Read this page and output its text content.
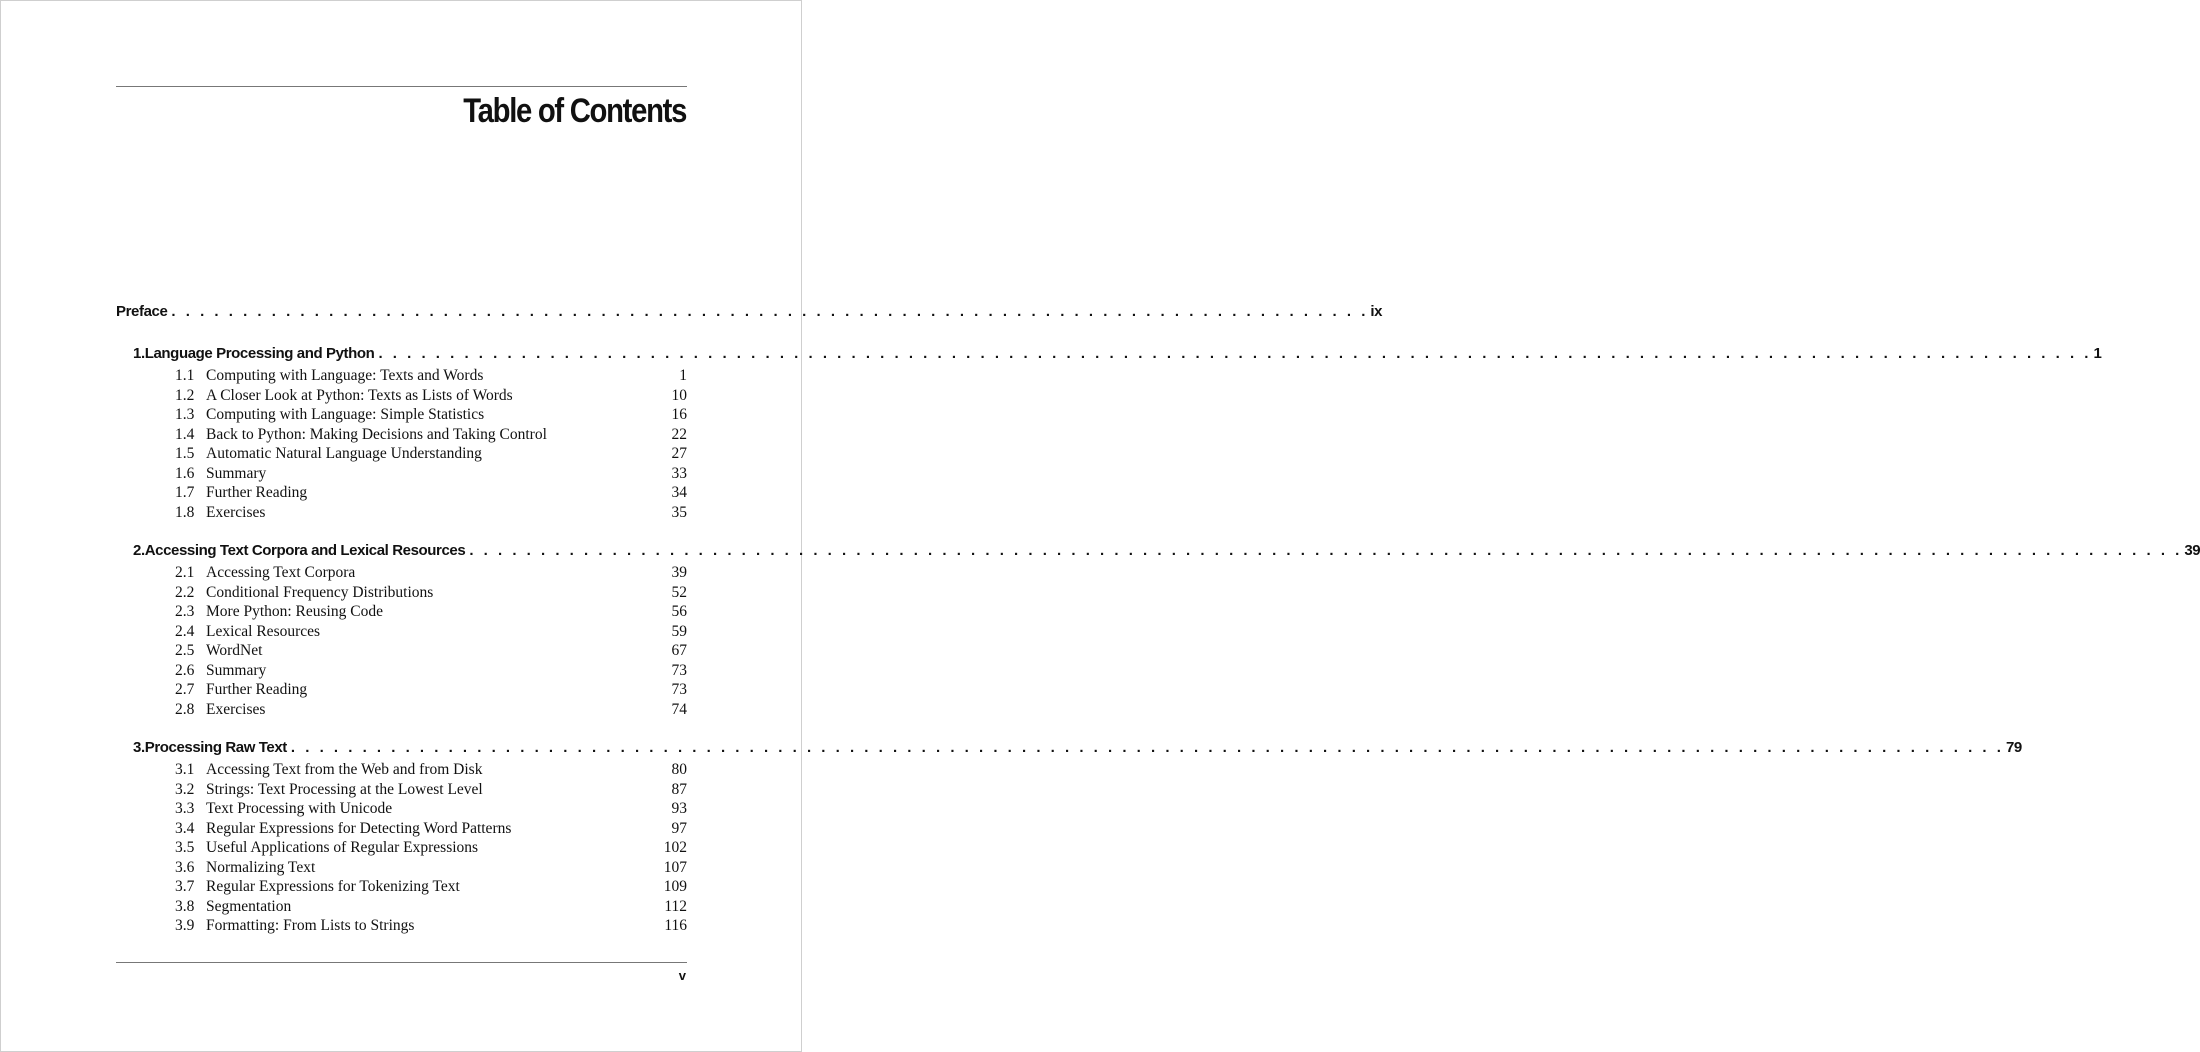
Table of Contents
Preface . . . . . . . . . . . . . . . . . . . . . . . . . . . . . . . . . . . . . . . . . . . . . . . . . . . . . . . . . . . . . . . . . . . . . . . . . . . . . . . . . . . . ix
1. Language Processing and Python . . . . . . . . . . . . . . . . . . . . . . . . . . . . . . . . . . . . . . . . . . . . . . . . . . . . . . . . . . . . . . . . . . . . . . . . . . . . . . . . . . . . . . . . . . . . . . . . . . . . . . . . . . . . . . . . . . . . . . . . 1
1.1 Computing with Language: Texts and Words	1
1.2 A Closer Look at Python: Texts as Lists of Words	10
1.3 Computing with Language: Simple Statistics	16
1.4 Back to Python: Making Decisions and Taking Control	22
1.5 Automatic Natural Language Understanding	27
1.6 Summary	33
1.7 Further Reading	34
1.8 Exercises	35
2. Accessing Text Corpora and Lexical Resources . . . . . . . . . . . . . . . . . . . . . . . . . . . . . . . . . . . . . . . . . . . . . . . . . . . . . . . . . . . . . . . . . . . . . . . . . . . . . . . . . . . . . . . . . . . . . . . . . . . . . . . . . . . . . . . . . . . . . . . . 39
2.1 Accessing Text Corpora	39
2.2 Conditional Frequency Distributions	52
2.3 More Python: Reusing Code	56
2.4 Lexical Resources	59
2.5 WordNet	67
2.6 Summary	73
2.7 Further Reading	73
2.8 Exercises	74
3. Processing Raw Text . . . . . . . . . . . . . . . . . . . . . . . . . . . . . . . . . . . . . . . . . . . . . . . . . . . . . . . . . . . . . . . . . . . . . . . . . . . . . . . . . . . . . . . . . . . . . . . . . . . . . . . . . . . . . . . . . . . . . . . . 79
3.1 Accessing Text from the Web and from Disk	80
3.2 Strings: Text Processing at the Lowest Level	87
3.3 Text Processing with Unicode	93
3.4 Regular Expressions for Detecting Word Patterns	97
3.5 Useful Applications of Regular Expressions	102
3.6 Normalizing Text	107
3.7 Regular Expressions for Tokenizing Text	109
3.8 Segmentation	112
3.9 Formatting: From Lists to Strings	116
v
